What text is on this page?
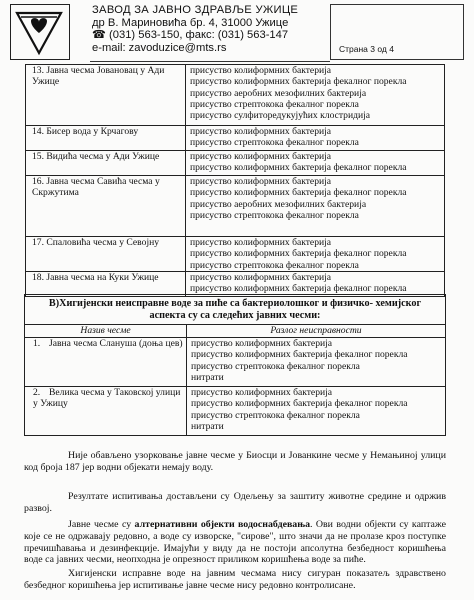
ЗАВОД ЗА ЈАВНО ЗДРАВЉЕ УЖИЦЕ
др В. Мариновића бр. 4, 31000 Ужице
☎ (031) 563-150, факс: (031) 563-147
e-mail: zavoduzice@mts.rs	Страна 3 од 4
13. Јавна чесма Јовановац у Ади Ужице	присуство колиформних бактерија
присуство колиформних бактерија фекалног порекла
присуство аеробних мезофилних бактерија
присуство стрептокока фекалног порекла
присуство сулфиторедукујућих клостридија

14. Бисер вода у Крчагову	присуство колиформних бактерија
присуство стрептокока фекалног порекла

15. Видића чесма у Ади Ужице	присуство колиформних бактерија
присуство колиформних бактерија фекалног порекла

16. Јавна чесма Савића чесма у Скржутима	присуство колиформних бактерија
присуство колиформних бактерија фекалног порекла
присуство аеробних мезофилних бактерија
присуство стрептокока фекалног порекла

17. Спаловића чесма у Севојну	присуство колиформних бактерија
присуство колиформних бактерија фекалног порекла
присуство стрептокока фекалног порекла

18. Јавна чесма на Куки Ужице	присуство колиформних бактерија
присуство колиформних бактерија фекалног порекла
В)Хигијенски неисправне воде за пиће са бактериолошког и физичко- хемијског аспекта су са следећих јавних чесми:	
Назив чесме	Разлог неисправности
1. Јавна чесма Слануша (доња цев)	присуство колиформних бактерија
присуство колиформних бактерија фекалног порекла
присуство стрептокока фекалног порекла
нитрати

2. Велика чесма у Таковској улици у Ужицу	присуство колиформних бактерија
присуство колиформних бактерија фекалног порекла
присуство стрептокока фекалног порекла
нитрати
Није обављено узорковање јавне чесме у Биосци и Јованкине чесме у Немањиној улици код броја 187 јер водни објекати немају воду.
Резултате испитивања достављени су Одељењу за заштиту животне средине и одржив развој.
Јавне чесме су алтернативни објекти водоснабдевања. Ови водни објекти су каптаже које се не одржавају редовно, а воде су изворске, "сирове", што значи да не пролазе кроз поступке пречишћавања и дезинфекције. Имајући у виду да не постоји апсолутна безбедност коришћења воде са јавних чесми, неопходна је опрезност приликом коришћења воде за пиће.
Хигијенски исправне воде на јавним чесмама нису сигуран показатељ здравствено безбедног коришћења јер испитивање јавне чесме нису редовно контролисане.
